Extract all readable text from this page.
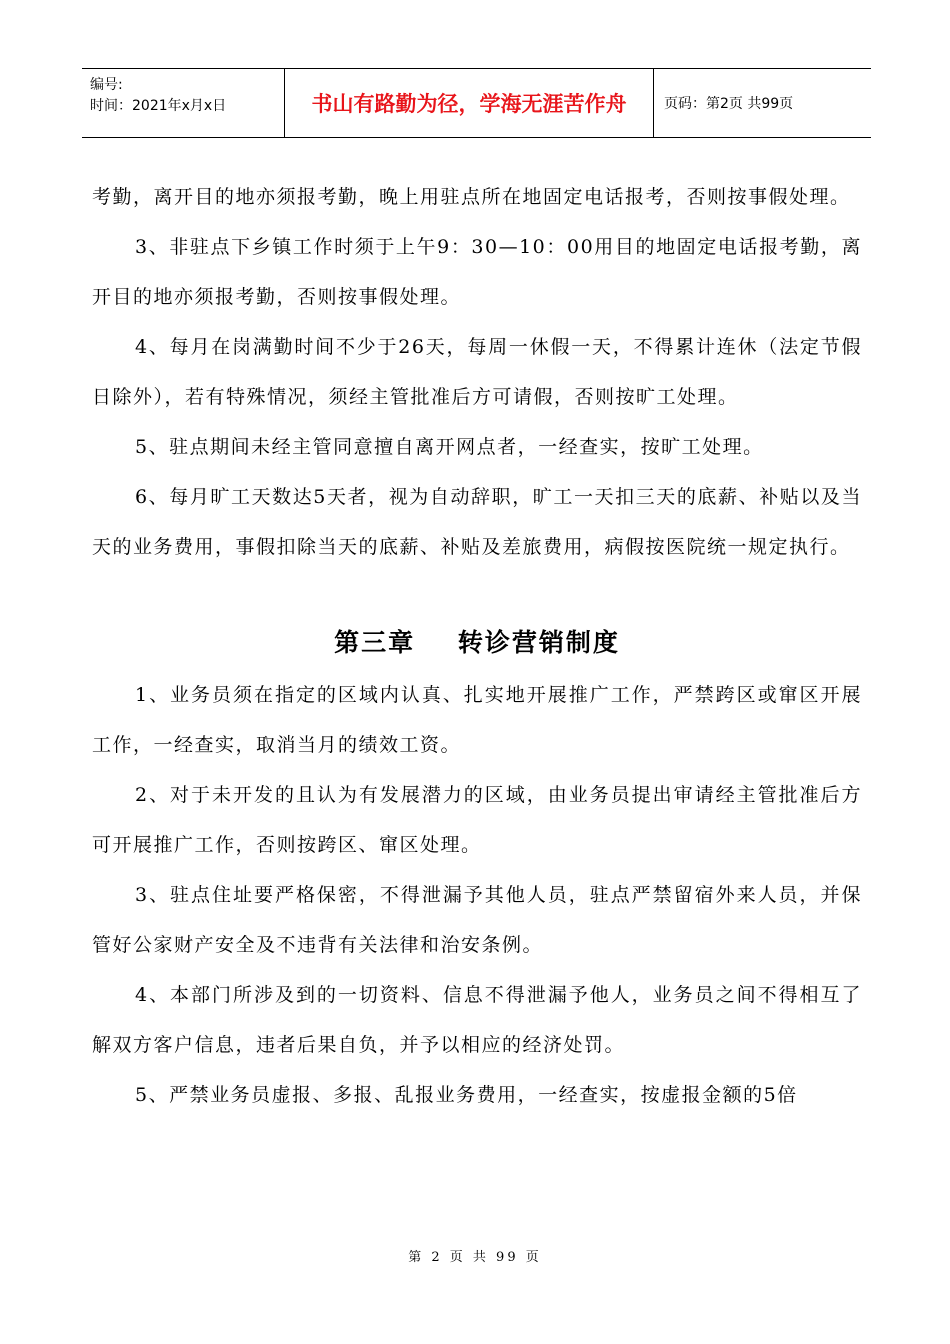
编号:
时间：2021年x月x日	书山有路勤为径，学海无涯苦作舟	页码：第2页 共99页

考勤，离开目的地亦须报考勤，晚上用驻点所在地固定电话报考，否则按事假处理。

3、非驻点下乡镇工作时须于上午9：30—10：00用目的地固定电话报考勤，离开目的地亦须报考勤，否则按事假处理。

4、每月在岗满勤时间不少于26天，每周一休假一天，不得累计连休（法定节假日除外），若有特殊情况，须经主管批准后方可请假，否则按旷工处理。

5、驻点期间未经主管同意擅自离开网点者，一经查实，按旷工处理。

6、每月旷工天数达5天者，视为自动辞职，旷工一天扣三天的底薪、补贴以及当天的业务费用，事假扣除当天的底薪、补贴及差旅费用，病假按医院统一规定执行。

第三章    转诊营销制度

1、业务员须在指定的区域内认真、扎实地开展推广工作，严禁跨区或窜区开展工作，一经查实，取消当月的绩效工资。

2、对于未开发的且认为有发展潜力的区域，由业务员提出审请经主管批准后方可开展推广工作，否则按跨区、窜区处理。

3、驻点住址要严格保密，不得泄漏予其他人员，驻点严禁留宿外来人员，并保管好公家财产安全及不违背有关法律和治安条例。

4、本部门所涉及到的一切资料、信息不得泄漏予他人，业务员之间不得相互了解双方客户信息，违者后果自负，并予以相应的经济处罚。

5、严禁业务员虚报、多报、乱报业务费用，一经查实，按虚报金额的5倍

第 2 页 共 99 页
